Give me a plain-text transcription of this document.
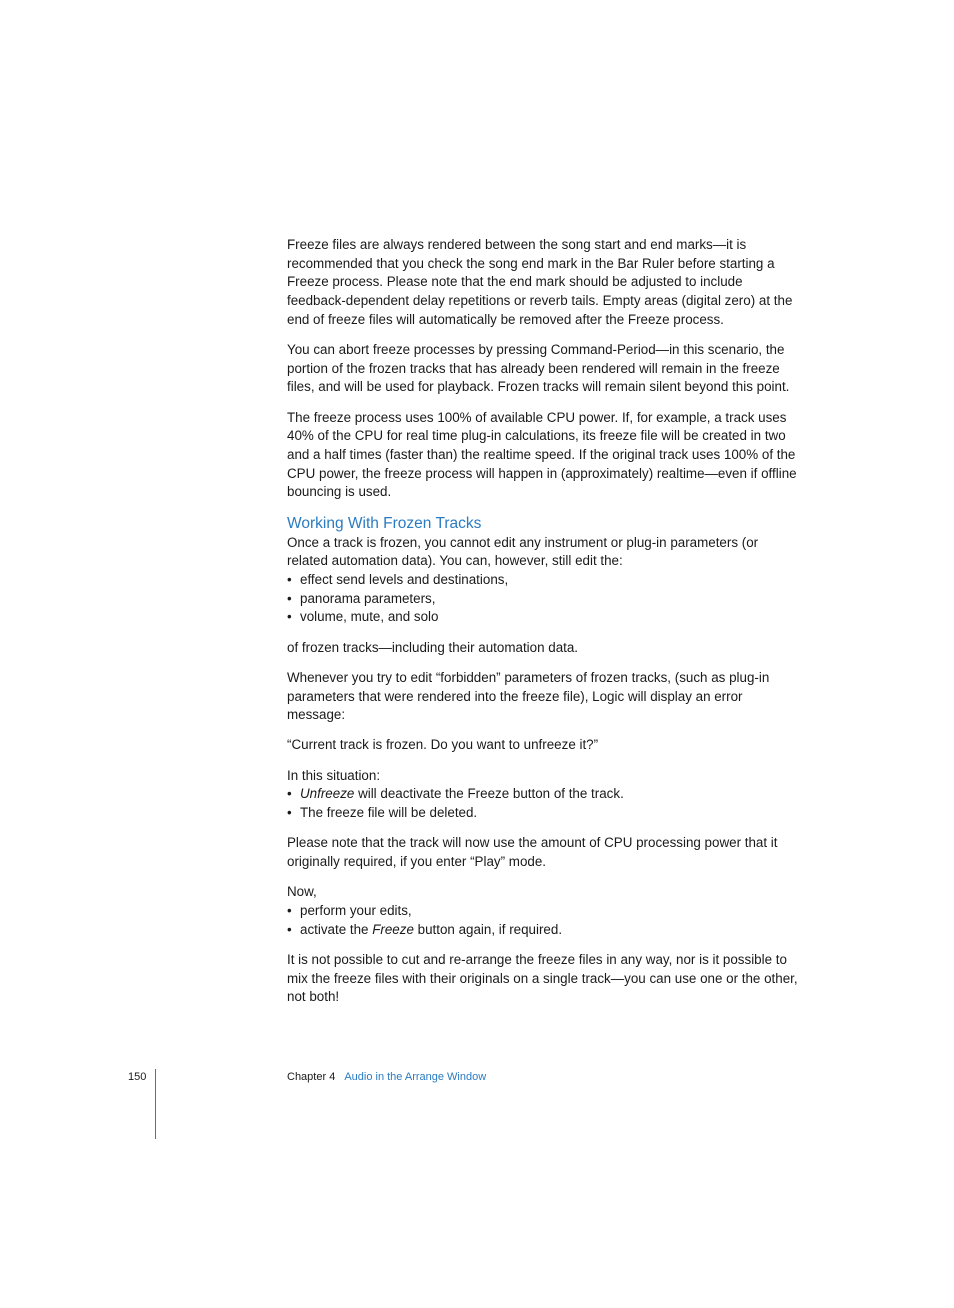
Freeze files are always rendered between the song start and end marks—it is recommended that you check the song end mark in the Bar Ruler before starting a Freeze process. Please note that the end mark should be adjusted to include feedback-dependent delay repetitions or reverb tails. Empty areas (digital zero) at the end of freeze files will automatically be removed after the Freeze process.

You can abort freeze processes by pressing Command-Period—in this scenario, the portion of the frozen tracks that has already been rendered will remain in the freeze files, and will be used for playback. Frozen tracks will remain silent beyond this point.

The freeze process uses 100% of available CPU power. If, for example, a track uses 40% of the CPU for real time plug-in calculations, its freeze file will be created in two and a half times (faster than) the realtime speed. If the original track uses 100% of the CPU power, the freeze process will happen in (approximately) realtime—even if offline bouncing is used.

Working With Frozen Tracks

Once a track is frozen, you cannot edit any instrument or plug-in parameters (or related automation data). You can, however, still edit the:

• effect send levels and destinations,
• panorama parameters,
• volume, mute, and solo

of frozen tracks—including their automation data.

Whenever you try to edit “forbidden” parameters of frozen tracks, (such as plug-in parameters that were rendered into the freeze file), Logic will display an error message:

“Current track is frozen. Do you want to unfreeze it?”

In this situation:

• Unfreeze will deactivate the Freeze button of the track.
• The freeze file will be deleted.

Please note that the track will now use the amount of CPU processing power that it originally required, if you enter “Play” mode.

Now,

• perform your edits,
• activate the Freeze button again, if required.

It is not possible to cut and re-arrange the freeze files in any way, nor is it possible to mix the freeze files with their originals on a single track—you can use one or the other, not both!

150	Chapter 4 Audio in the Arrange Window
